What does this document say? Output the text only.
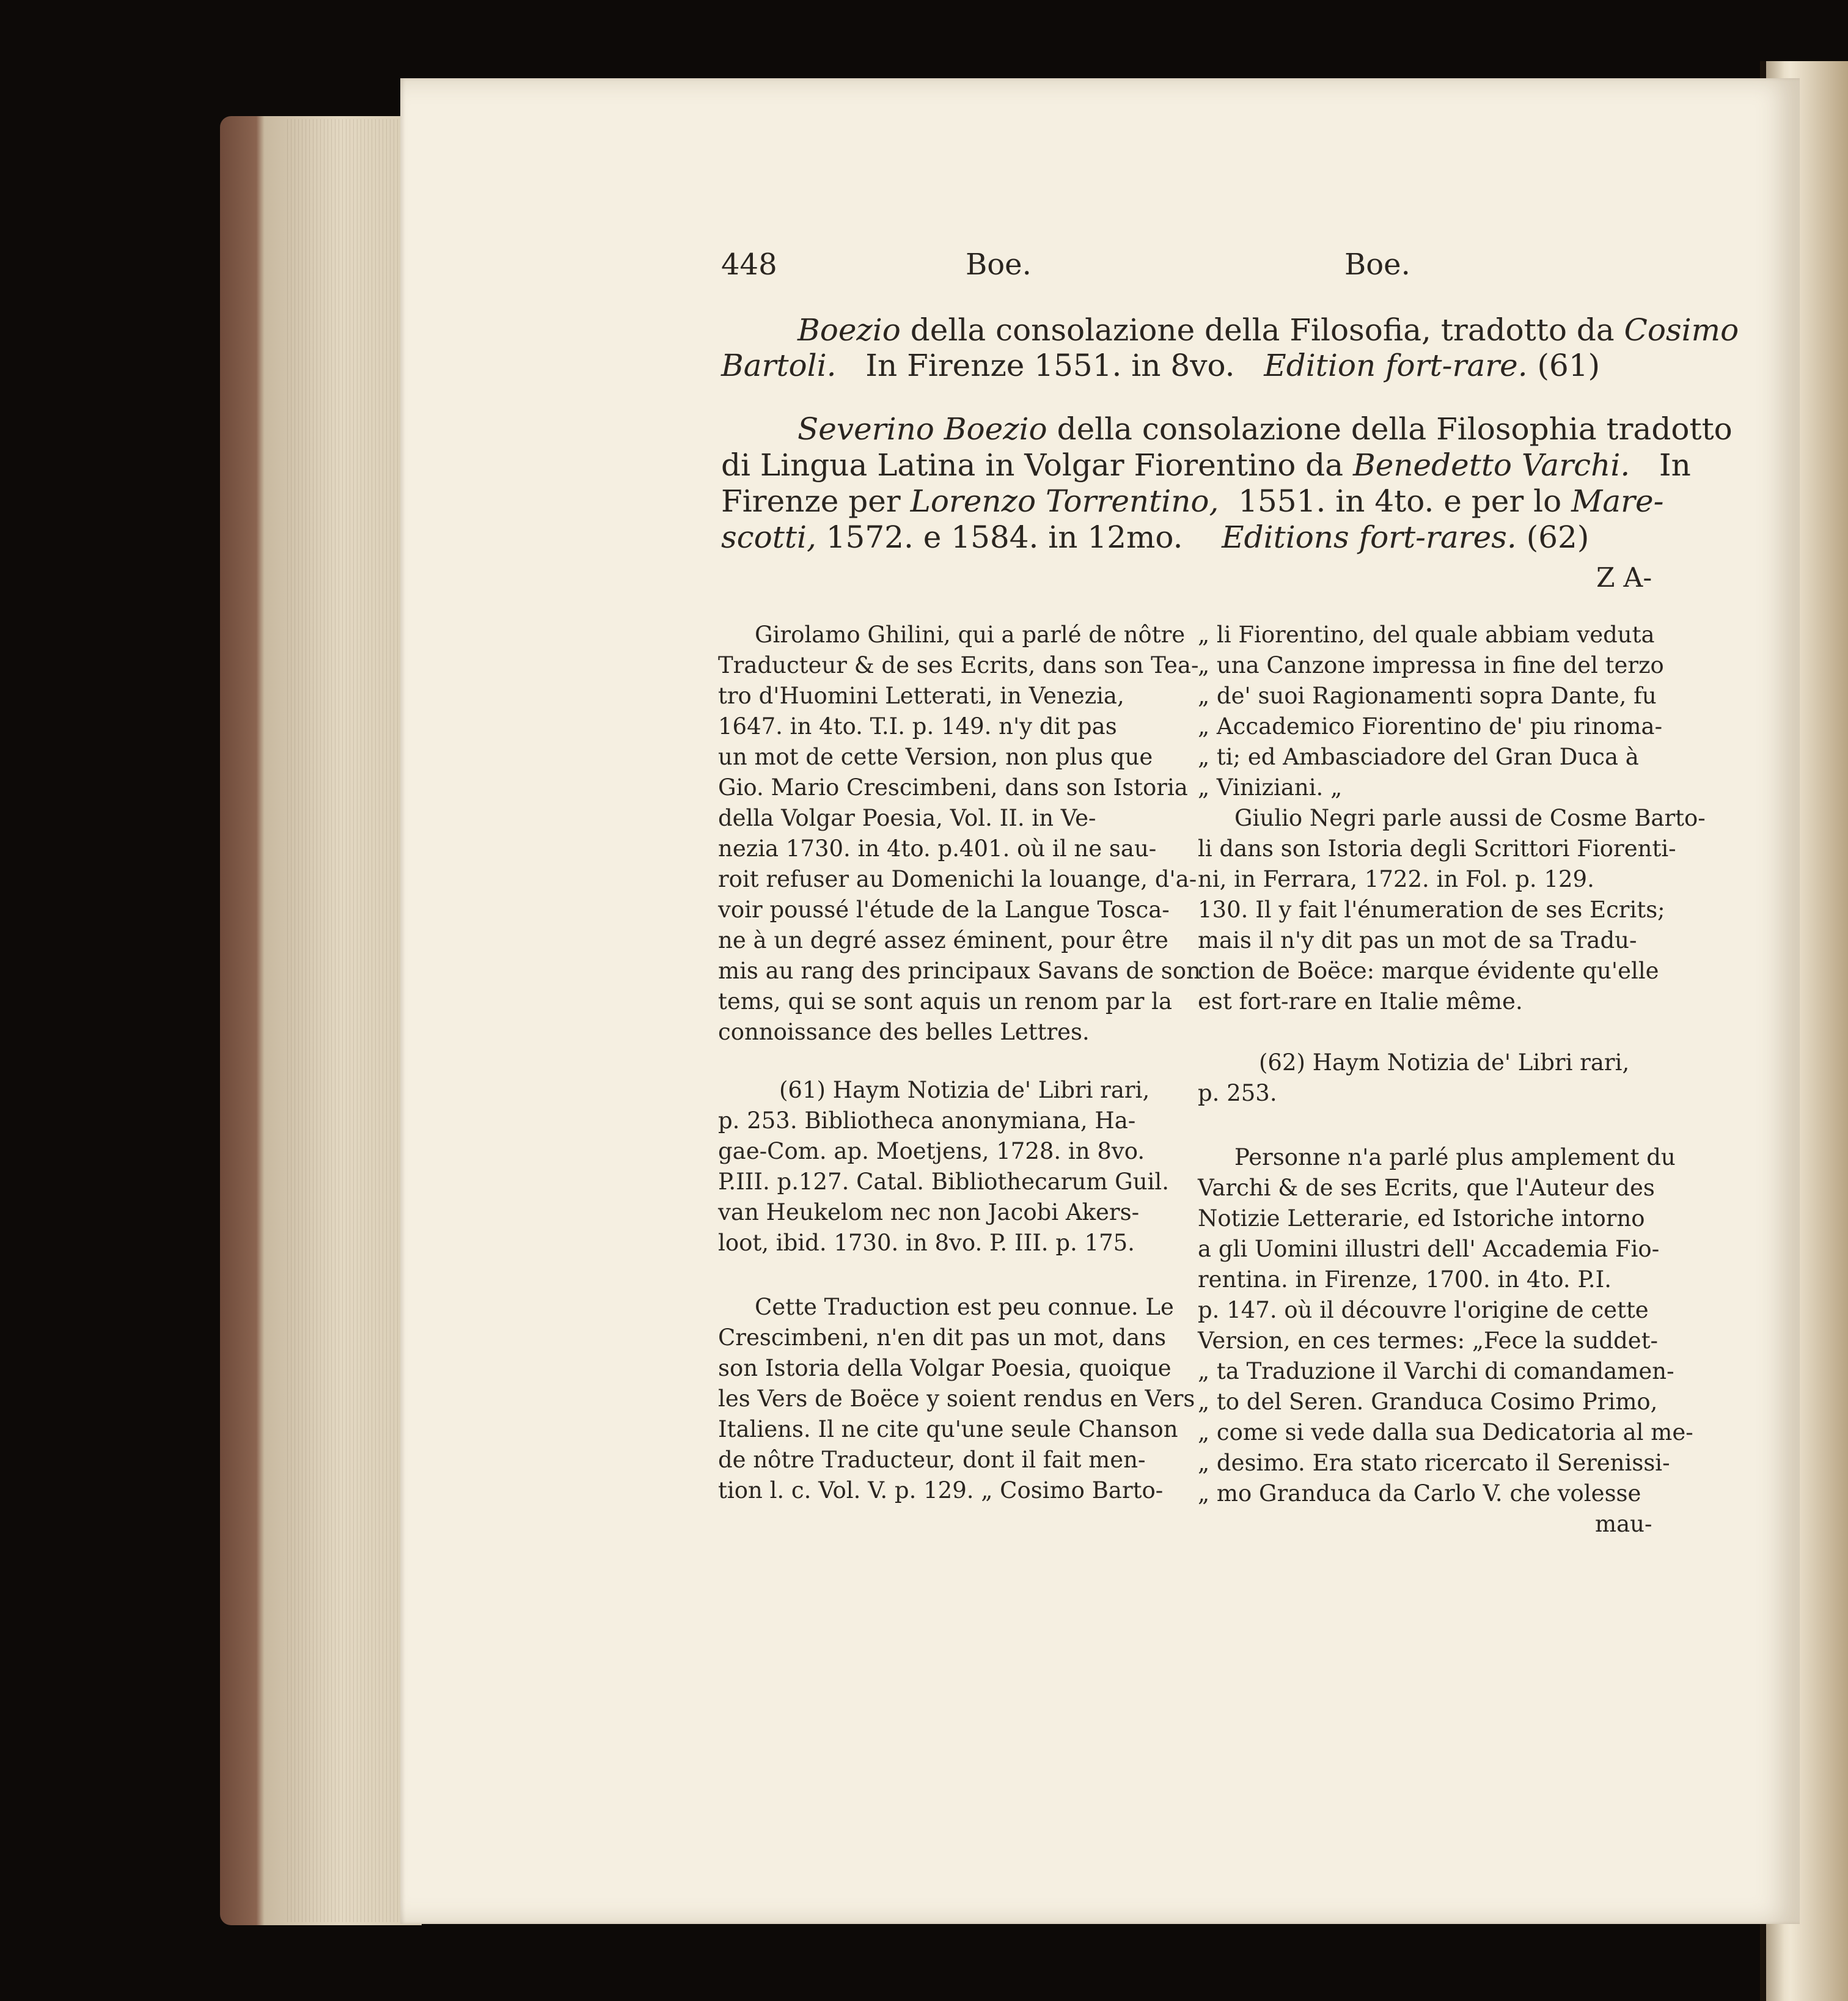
448	Boe.	Boe.
Boezio della consolazione della Filosofia, tradotto da Cosimo
Bartoli. In Firenze 1551. in 8vo. Edition fort-rare. (61)
Severino Boezio della consolazione della Filosophia tradotto
di Lingua Latina in Volgar Fiorentino da Benedetto Varchi. In
Firenze per Lorenzo Torrentino, 1551. in 4to. e per lo Mare-
scotti, 1572. e 1584. in 12mo. Editions fort-rares. (62)
Z A-
Girolamo Ghilini, qui a parlé de nôtre
Traducteur & de ses Ecrits, dans son Tea-
tro d'Huomini Letterati, in Venezia,
1647. in 4to. T.I. p. 149. n'y dit pas
un mot de cette Version, non plus que
Gio. Mario Crescimbeni, dans son Istoria
della Volgar Poesia, Vol. II. in Ve-
nezia 1730. in 4to. p.401. où il ne sau-
roit refuser au Domenichi la louange, d'a-
voir poussé l'étude de la Langue Tosca-
ne à un degré assez éminent, pour être
mis au rang des principaux Savans de son
tems, qui se sont aquis un renom par la
connoissance des belles Lettres.
(61) Haym Notizia de' Libri rari,
p. 253. Bibliotheca anonymiana, Ha-
gae-Com. ap. Moetjens, 1728. in 8vo.
P.III. p.127. Catal. Bibliothecarum Guil.
van Heukelom nec non Jacobi Akers-
loot, ibid. 1730. in 8vo. P. III. p. 175.
Cette Traduction est peu connue. Le
Crescimbeni, n'en dit pas un mot, dans
son Istoria della Volgar Poesia, quoique
les Vers de Boëce y soient rendus en Vers
Italiens. Il ne cite qu'une seule Chanson
de nôtre Traducteur, dont il fait men-
tion l. c. Vol. V. p. 129. „ Cosimo Barto-
„ li Fiorentino, del quale abbiam veduta
„ una Canzone impressa in fine del terzo
„ de' suoi Ragionamenti sopra Dante, fu
„ Accademico Fiorentino de' piu rinoma-
„ ti; ed Ambasciadore del Gran Duca à
„ Viniziani. „
Giulio Negri parle aussi de Cosme Barto-
li dans son Istoria degli Scrittori Fiorenti-
ni, in Ferrara, 1722. in Fol. p. 129.
130. Il y fait l'énumeration de ses Ecrits;
mais il n'y dit pas un mot de sa Tradu-
ction de Boëce: marque évidente qu'elle
est fort-rare en Italie même.
(62) Haym Notizia de' Libri rari,
p. 253.
Personne n'a parlé plus amplement du
Varchi & de ses Ecrits, que l'Auteur des
Notizie Letterarie, ed Istoriche intorno
a gli Uomini illustri dell' Accademia Fio-
rentina. in Firenze, 1700. in 4to. P.I.
p. 147. où il découvre l'origine de cette
Version, en ces termes: „Fece la suddet-
„ ta Traduzione il Varchi di comandamen-
„ to del Seren. Granduca Cosimo Primo,
„ come si vede dalla sua Dedicatoria al me-
„ desimo. Era stato ricercato il Serenissi-
„ mo Granduca da Carlo V. che volesse
mau-
